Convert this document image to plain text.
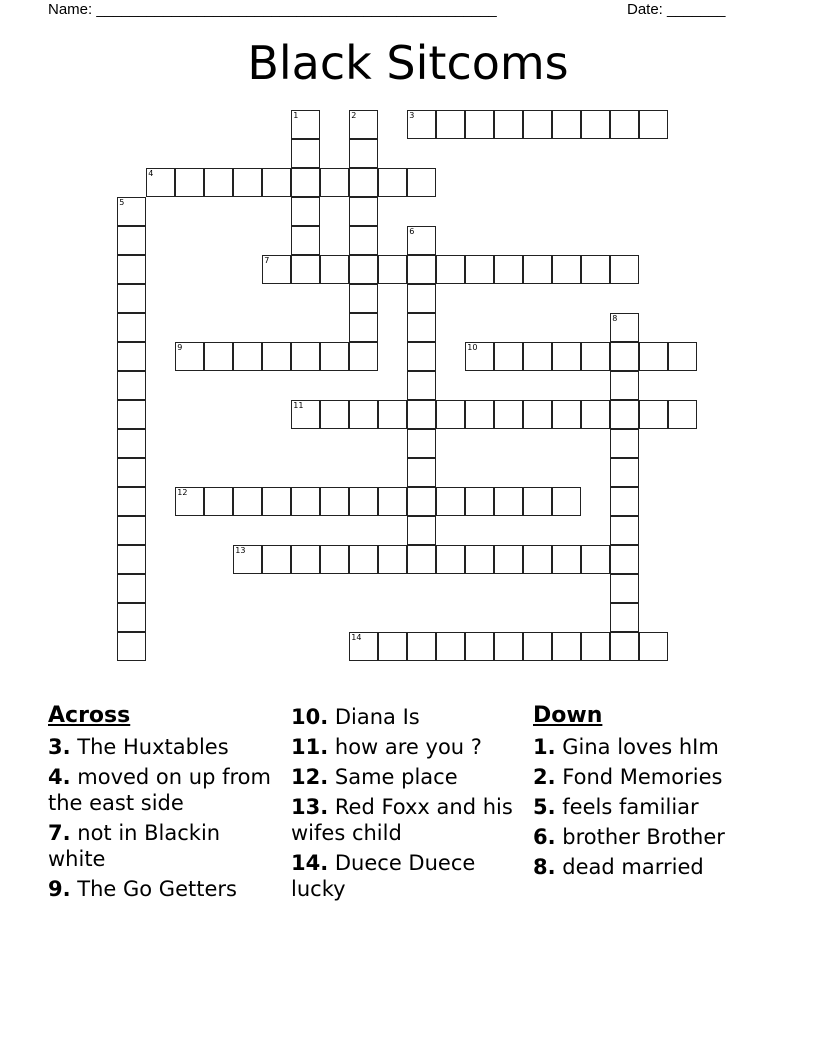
Name: ________________________________________________	Date: _______
Black Sitcoms
1	2	3
4
5
6
7
8
9	10
11
12
13
14
Across
3. The Huxtables
4. moved on up from the east side
7. not in Blackin white
9. The Go Getters
10. Diana Is
11. how are you ?
12. Same place
13. Red Foxx and his wifes child
14. Duece Duece lucky
Down
1. Gina loves hIm
2. Fond Memories
5. feels familiar
6. brother Brother
8. dead married
